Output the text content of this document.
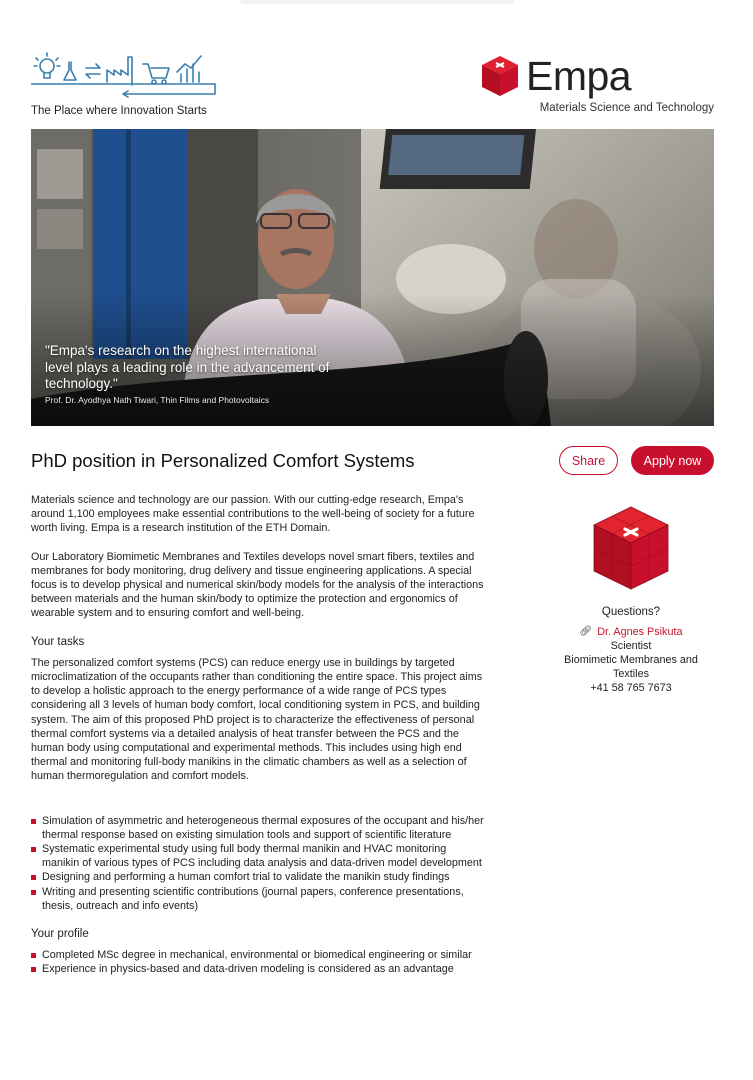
The Place where Innovation Starts
Empa
Materials Science and Technology
"Empa's research on the highest international level plays a leading role in the advancement of technology."
Prof. Dr. Ayodhya Nath Tiwari, Thin Films and Photovoltaics
PhD position in Personalized Comfort Systems	Share	Apply now

Materials science and technology are our passion. With our cutting-edge research, Empa's around 1,100 employees make essential contributions to the well-being of society for a future worth living. Empa is a research institution of the ETH Domain.

Our Laboratory Biomimetic Membranes and Textiles develops novel smart fibers, textiles and membranes for body monitoring, drug delivery and tissue engineering applications. A special focus is to develop physical and numerical skin/body models for the analysis of the interactions between materials and the human skin/body to optimize the protection and ergonomics of wearable system and to ensuring comfort and well-being.

Your tasks

The personalized comfort systems (PCS) can reduce energy use in buildings by targeted microclimatization of the occupants rather than conditioning the entire space. This project aims to develop a holistic approach to the energy performance of a wide range of PCS types considering all 3 levels of human body comfort, local conditioning system in PCS, and building system. The aim of this proposed PhD project is to characterize the effectiveness of personal thermal comfort systems via a detailed analysis of heat transfer between the PCS and the human body using computational and experimental methods. This includes using high end thermal and monitoring full-body manikins in the climatic chambers as well as a selection of human thermoregulation and comfort models.

Simulation of asymmetric and heterogeneous thermal exposures of the occupant and his/her thermal response based on existing simulation tools and support of scientific literature
Systematic experimental study using full body thermal manikin and HVAC monitoring manikin of various types of PCS including data analysis and data-driven model development
Designing and performing a human comfort trial to validate the manikin study findings
Writing and presenting scientific contributions (journal papers, conference presentations, thesis, outreach and info events)
Your profile
Completed MSc degree in mechanical, environmental or biomedical engineering or similar
Experience in physics-based and data-driven modeling is considered as an advantage
Questions?
🔗︎ Dr. Agnes Psikuta
Scientist
Biomimetic Membranes and Textiles
+41 58 765 7673
